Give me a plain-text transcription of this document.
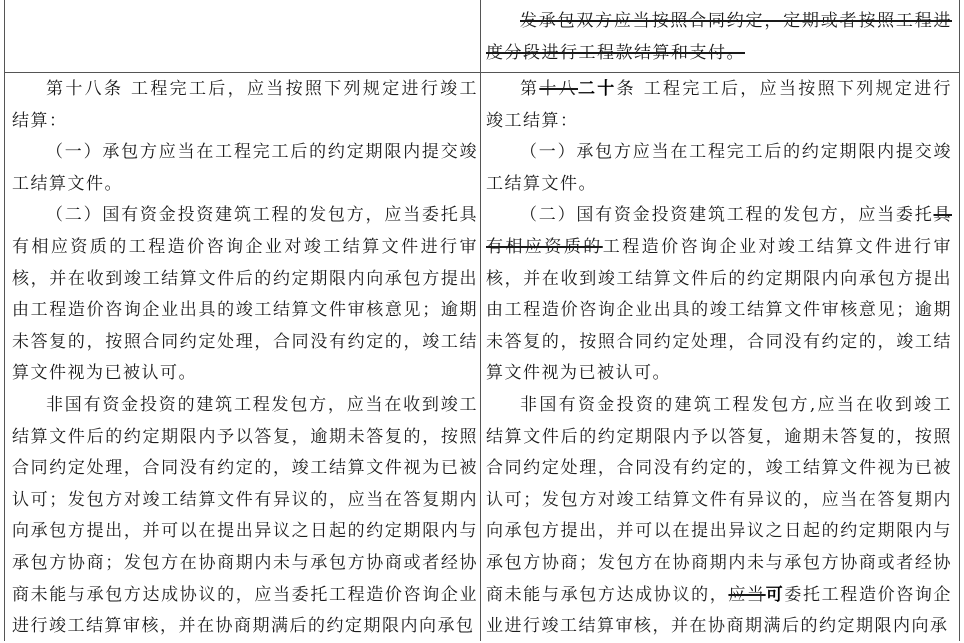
发承包双方应当按照合同约定，定期或者按照工程进度分段进行工程款结算和支付。

第十八条 工程完工后，应当按照下列规定进行竣工结算：

（一）承包方应当在工程完工后的约定期限内提交竣工结算文件。

（二）国有资金投资建筑工程的发包方，应当委托具有相应资质的工程造价咨询企业对竣工结算文件进行审核，并在收到竣工结算文件后的约定期限内向承包方提出由工程造价咨询企业出具的竣工结算文件审核意见；逾期未答复的，按照合同约定处理，合同没有约定的，竣工结算文件视为已被认可。

非国有资金投资的建筑工程发包方，应当在收到竣工结算文件后的约定期限内予以答复，逾期未答复的，按照合同约定处理，合同没有约定的，竣工结算文件视为已被认可；发包方对竣工结算文件有异议的，应当在答复期内向承包方提出，并可以在提出异议之日起的约定期限内与承包方协商；发包方在协商期内未与承包方协商或者经协商未能与承包方达成协议的，应当委托工程造价咨询企业进行竣工结算审核，并在协商期满后的约定期限内向承包

第十八二十条 工程完工后，应当按照下列规定进行竣工结算：

（一）承包方应当在工程完工后的约定期限内提交竣工结算文件。

（二）国有资金投资建筑工程的发包方，应当委托具有相应资质的工程造价咨询企业对竣工结算文件进行审核，并在收到竣工结算文件后的约定期限内向承包方提出由工程造价咨询企业出具的竣工结算文件审核意见；逾期未答复的，按照合同约定处理，合同没有约定的，竣工结算文件视为已被认可。

非国有资金投资的建筑工程发包方,应当在收到竣工结算文件后的约定期限内予以答复，逾期未答复的，按照合同约定处理，合同没有约定的，竣工结算文件视为已被认可；发包方对竣工结算文件有异议的，应当在答复期内向承包方提出，并可以在提出异议之日起的约定期限内与承包方协商；发包方在协商期内未与承包方协商或者经协商未能与承包方达成协议的，应当可委托工程造价咨询企业进行竣工结算审核，并在协商期满后的约定期限内向承
